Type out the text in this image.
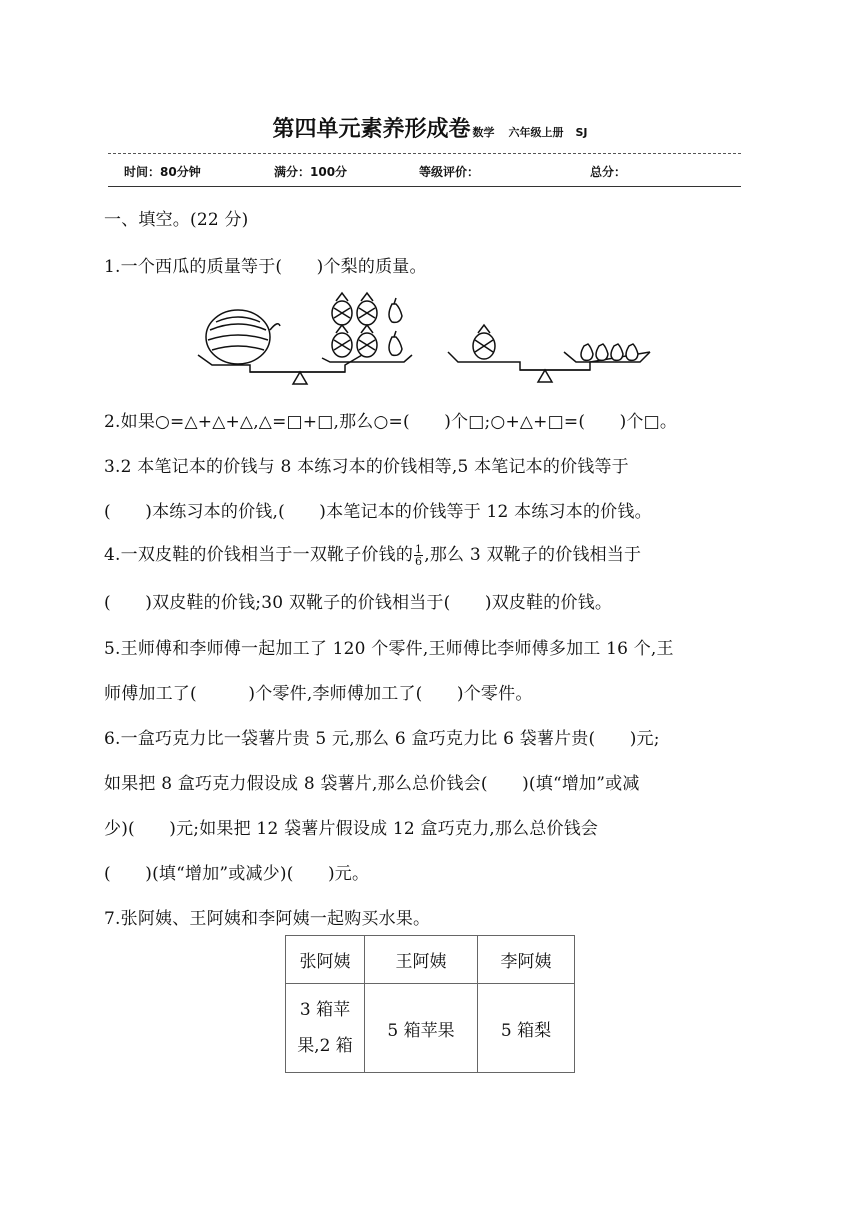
第四单元素养形成卷 数学 六年级上册 SJ
时间：80分钟	满分：100分	等级评价：	总分：
一、填空。(22 分)
1.一个西瓜的质量等于(　　)个梨的质量。
2.如果○=△+△+△,△=□+□,那么○=(　　)个□;○+△+□=(　　)个□。
3.2 本笔记本的价钱与 8 本练习本的价钱相等,5 本笔记本的价钱等于
(　　)本练习本的价钱,(　　)本笔记本的价钱等于 12 本练习本的价钱。
4.一双皮鞋的价钱相当于一双靴子价钱的 $\frac{1}{6}$ ,那么 3 双靴子的价钱相当于
(　　)双皮鞋的价钱;30 双靴子的价钱相当于(　　)双皮鞋的价钱。
5.王师傅和李师傅一起加工了 120 个零件,王师傅比李师傅多加工 16 个,王
师傅加工了(　　　)个零件,李师傅加工了(　　)个零件。
6.一盒巧克力比一袋薯片贵 5 元,那么 6 盒巧克力比 6 袋薯片贵(　　)元;
如果把 8 盒巧克力假设成 8 袋薯片,那么总价钱会(　　)(填“增加”或减
少)(　　)元;如果把 12 袋薯片假设成 12 盒巧克力,那么总价钱会
(　　)(填“增加”或减少)(　　)元。
7.张阿姨、王阿姨和李阿姨一起购买水果。
张阿姨	王阿姨	李阿姨

3 箱苹
果,2 箱	5 箱苹果	5 箱梨
